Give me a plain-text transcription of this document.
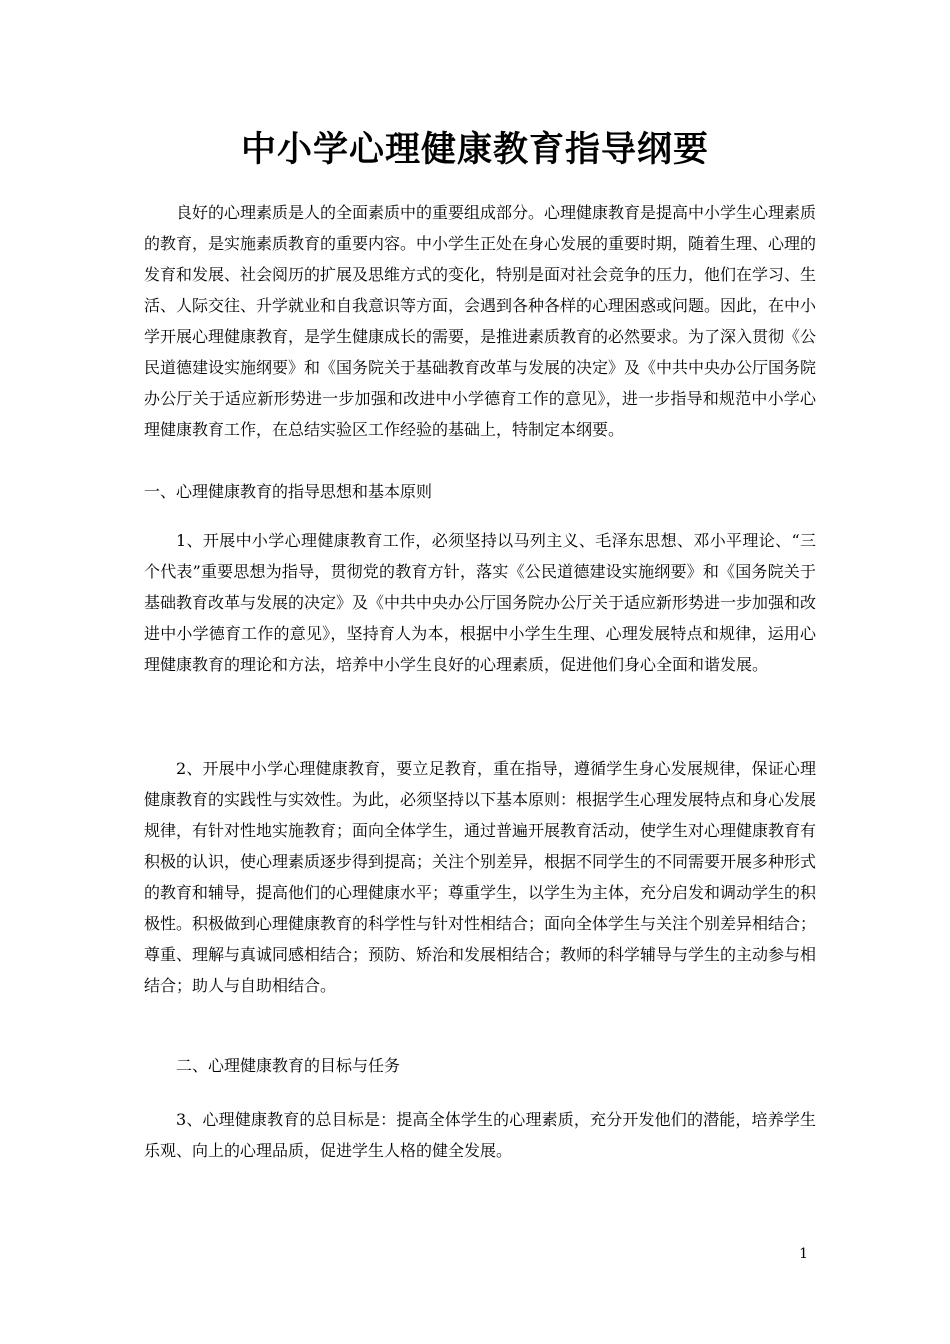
中小学心理健康教育指导纲要

良好的心理素质是人的全面素质中的重要组成部分。心理健康教育是提高中小学生心理素质的教育，是实施素质教育的重要内容。中小学生正处在身心发展的重要时期，随着生理、心理的发育和发展、社会阅历的扩展及思维方式的变化，特别是面对社会竞争的压力，他们在学习、生活、人际交往、升学就业和自我意识等方面，会遇到各种各样的心理困惑或问题。因此，在中小学开展心理健康教育，是学生健康成长的需要，是推进素质教育的必然要求。为了深入贯彻《公民道德建设实施纲要》和《国务院关于基础教育改革与发展的决定》及《中共中央办公厅国务院办公厅关于适应新形势进一步加强和改进中小学德育工作的意见》，进一步指导和规范中小学心理健康教育工作，在总结实验区工作经验的基础上，特制定本纲要。

一、心理健康教育的指导思想和基本原则

1、开展中小学心理健康教育工作，必须坚持以马列主义、毛泽东思想、邓小平理论、“三个代表”重要思想为指导，贯彻党的教育方针，落实《公民道德建设实施纲要》和《国务院关于基础教育改革与发展的决定》及《中共中央办公厅国务院办公厅关于适应新形势进一步加强和改进中小学德育工作的意见》，坚持育人为本，根据中小学生生理、心理发展特点和规律，运用心理健康教育的理论和方法，培养中小学生良好的心理素质，促进他们身心全面和谐发展。

2、开展中小学心理健康教育，要立足教育，重在指导，遵循学生身心发展规律，保证心理健康教育的实践性与实效性。为此，必须坚持以下基本原则：根据学生心理发展特点和身心发展规律，有针对性地实施教育；面向全体学生，通过普遍开展教育活动，使学生对心理健康教育有积极的认识，使心理素质逐步得到提高；关注个别差异，根据不同学生的不同需要开展多种形式的教育和辅导，提高他们的心理健康水平；尊重学生，以学生为主体，充分启发和调动学生的积极性。积极做到心理健康教育的科学性与针对性相结合；面向全体学生与关注个别差异相结合；尊重、理解与真诚同感相结合；预防、矫治和发展相结合；教师的科学辅导与学生的主动参与相结合；助人与自助相结合。

二、心理健康教育的目标与任务

3、心理健康教育的总目标是：提高全体学生的心理素质，充分开发他们的潜能，培养学生乐观、向上的心理品质，促进学生人格的健全发展。

1
